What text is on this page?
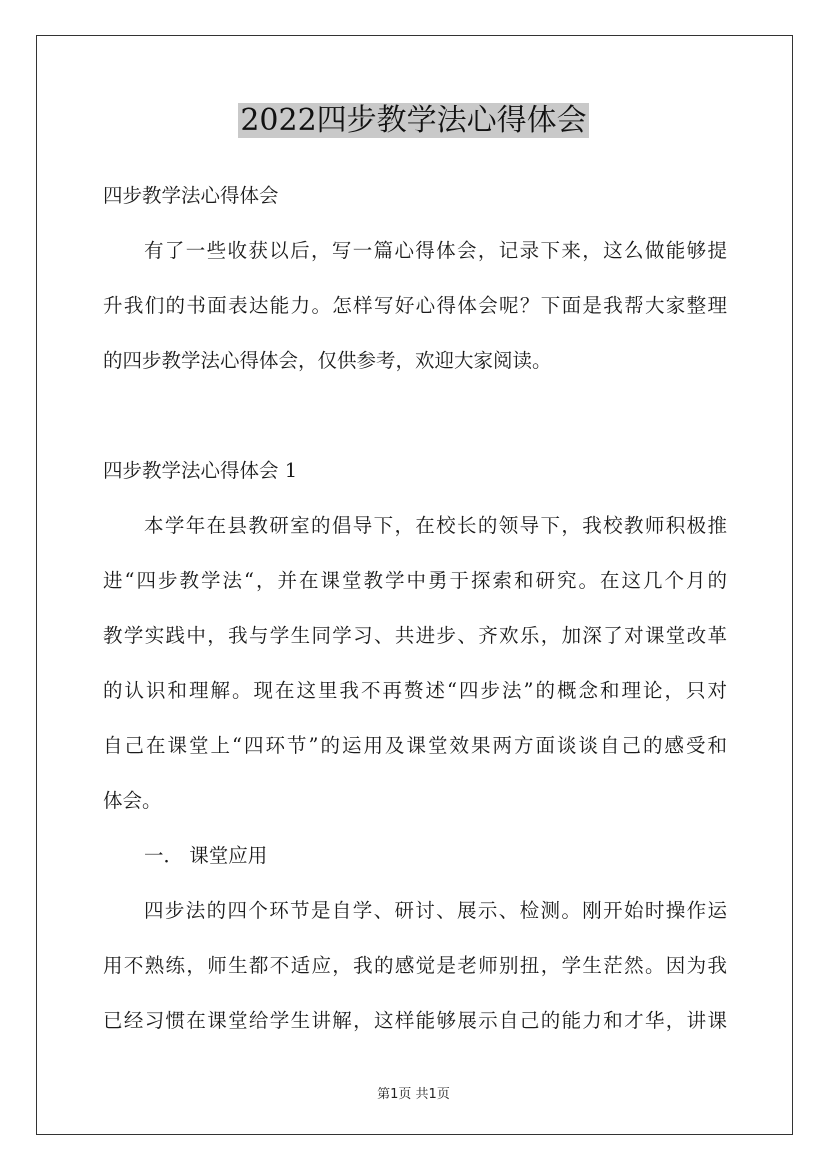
2022四步教学法心得体会
四步教学法心得体会
有了一些收获以后，写一篇心得体会，记录下来，这么做能够提
升我们的书面表达能力。怎样写好心得体会呢？下面是我帮大家整理
的四步教学法心得体会，仅供参考，欢迎大家阅读。
四步教学法心得体会 1
本学年在县教研室的倡导下，在校长的领导下，我校教师积极推
进“四步教学法“，并在课堂教学中勇于探索和研究。在这几个月的
教学实践中，我与学生同学习、共进步、齐欢乐，加深了对课堂改革
的认识和理解。现在这里我不再赘述“四步法”的概念和理论，只对
自己在课堂上“四环节”的运用及课堂效果两方面谈谈自己的感受和
体会。
一． 课堂应用
四步法的四个环节是自学、研讨、展示、检测。刚开始时操作运
用不熟练，师生都不适应，我的感觉是老师别扭，学生茫然。因为我
已经习惯在课堂给学生讲解，这样能够展示自己的能力和才华，讲课
第1页 共1页
